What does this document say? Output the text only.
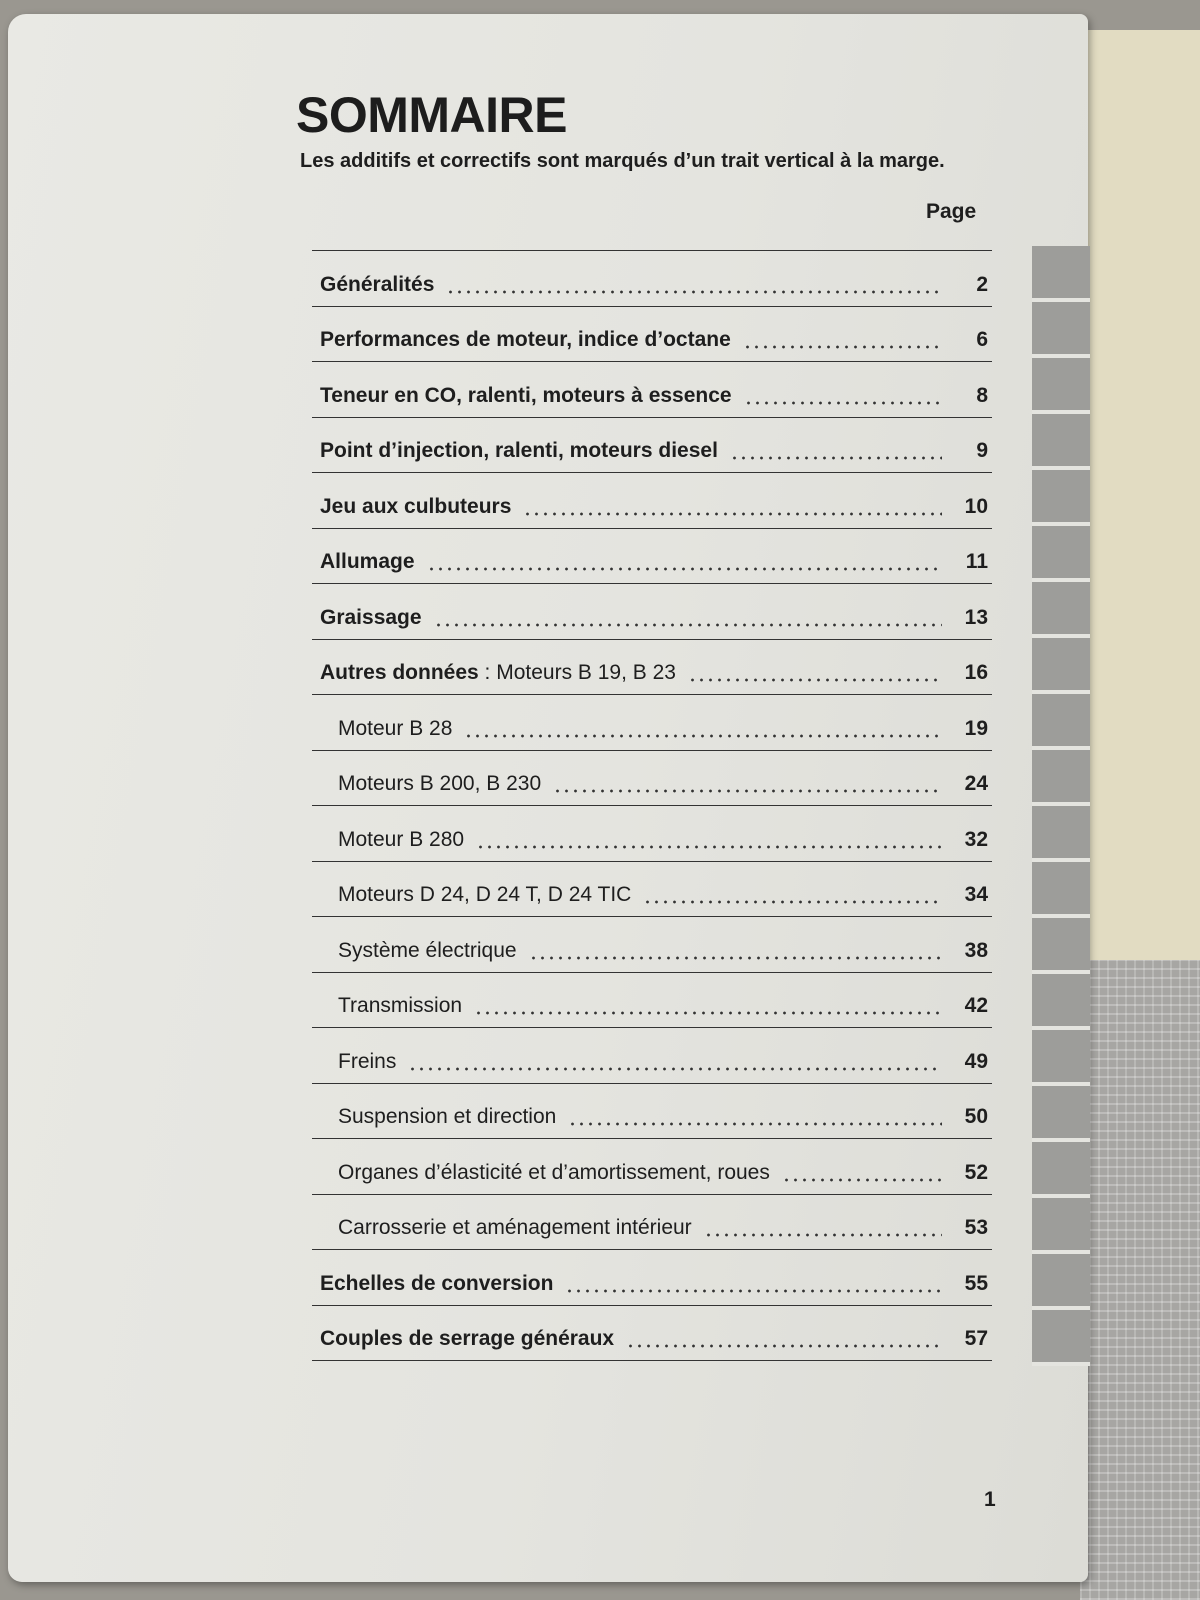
SOMMAIRE
Les additifs et correctifs sont marqués d’un trait vertical à la marge.
Page
Généralités	2
Performances de moteur, indice d’octane	6
Teneur en CO, ralenti, moteurs à essence	8
Point d’injection, ralenti, moteurs diesel	9
Jeu aux culbuteurs	10
Allumage	11
Graissage	13
Autres données : Moteurs B 19, B 23	16
Moteur B 28	19
Moteurs B 200, B 230	24
Moteur B 280	32
Moteurs D 24, D 24 T, D 24 TIC	34
Système électrique	38
Transmission	42
Freins	49
Suspension et direction	50
Organes d’élasticité et d’amortissement, roues	52
Carrosserie et aménagement intérieur	53
Echelles de conversion	55
Couples de serrage généraux	57
1
